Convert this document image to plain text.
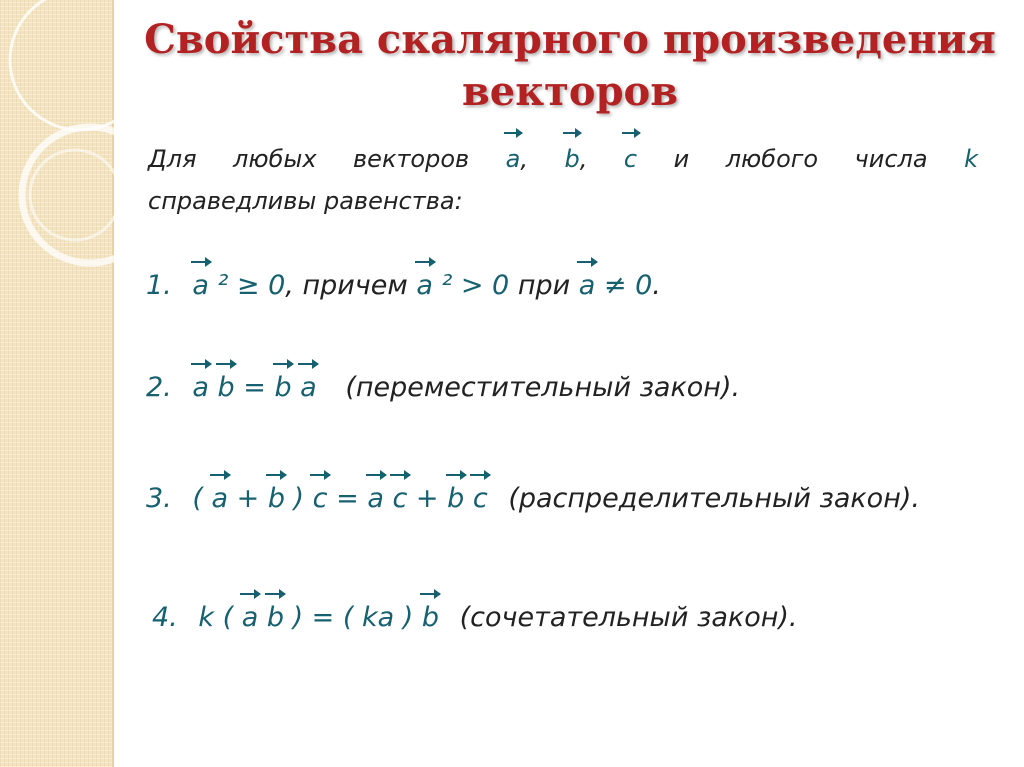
Свойства скалярного произведения векторов
Для любых векторов a, b, c и любого числа k
справедливы равенства:
1. a ² ≥ 0, причем a ² > 0 при a ≠ 0.
2. a b = b a (переместительный закон).
3. ( a + b ) c = a c + b c (распределительный закон).
4. k ( a b ) = ( ka ) b (сочетательный закон).
